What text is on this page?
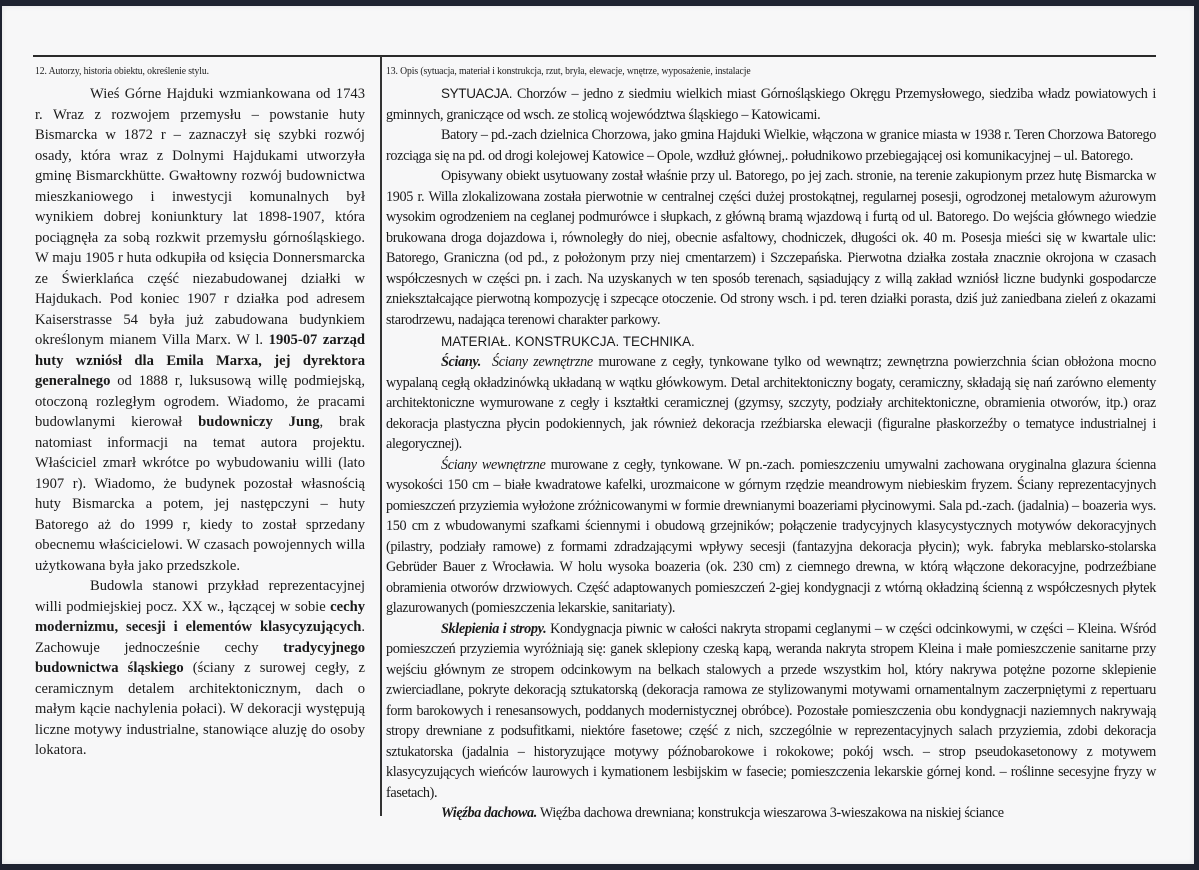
12. Autorzy, historia obiektu, określenie stylu.

Wieś Górne Hajduki wzmiankowana od 1743 r. Wraz z rozwojem przemysłu – powstanie huty Bismarcka w 1872 r – zaznaczył się szybki rozwój osady, która wraz z Dolnymi Hajdukami utworzyła gminę Bismarckhütte. Gwałtowny rozwój budownictwa mieszkaniowego i inwestycji komunalnych był wynikiem dobrej koniunktury lat 1898-1907, która pociągnęła za sobą rozkwit przemysłu górnośląskiego. W maju 1905 r huta odkupiła od księcia Donnersmarcka ze Świerklańca część niezabudowanej działki w Hajdukach. Pod koniec 1907 r działka pod adresem Kaiserstrasse 54 była już zabudowana budynkiem określonym mianem Villa Marx. W l. 1905-07 zarząd huty wzniósł dla Emila Marxa, jej dyrektora generalnego od 1888 r, luksusową willę podmiejską, otoczoną rozległym ogrodem. Wiadomo, że pracami budowlanymi kierował budowniczy Jung, brak natomiast informacji na temat autora projektu. Właściciel zmarł wkrótce po wybudowaniu willi (lato 1907 r). Wiadomo, że budynek pozostał własnością huty Bismarcka a potem, jej następczyni – huty Batorego aż do 1999 r, kiedy to został sprzedany obecnemu właścicielowi. W czasach powojennych willa użytkowana była jako przedszkole.

Budowla stanowi przykład reprezentacyjnej willi podmiejskiej pocz. XX w., łączącej w sobie cechy modernizmu, secesji i elementów klasycyzujących. Zachowuje jednocześnie cechy tradycyjnego budownictwa śląskiego (ściany z surowej cegły, z ceramicznym detalem architektonicznym, dach o małym kącie nachylenia połaci). W dekoracji występują liczne motywy industrialne, stanowiące aluzję do osoby lokatora.

13. Opis (sytuacja, materiał i konstrukcja, rzut, bryła, elewacje, wnętrze, wyposażenie, instalacje

SYTUACJA. Chorzów – jedno z siedmiu wielkich miast Górnośląskiego Okręgu Przemysłowego, siedziba władz powiatowych i gminnych, graniczące od wsch. ze stolicą województwa śląskiego – Katowicami.

Batory – pd.-zach dzielnica Chorzowa, jako gmina Hajduki Wielkie, włączona w granice miasta w 1938 r. Teren Chorzowa Batorego rozciąga się na pd. od drogi kolejowej Katowice – Opole, wzdłuż głównej,. południkowo przebiegającej osi komunikacyjnej – ul. Batorego.

Opisywany obiekt usytuowany został właśnie przy ul. Batorego, po jej zach. stronie, na terenie zakupionym przez hutę Bismarcka w 1905 r. Willa zlokalizowana została pierwotnie w centralnej części dużej prostokątnej, regularnej posesji, ogrodzonej metalowym ażurowym wysokim ogrodzeniem na ceglanej podmurówce i słupkach, z główną bramą wjazdową i furtą od ul. Batorego. Do wejścia głównego wiedzie brukowana droga dojazdowa i, równoległy do niej, obecnie asfaltowy, chodniczek, długości ok. 40 m. Posesja mieści się w kwartale ulic: Batorego, Graniczna (od pd., z położonym przy niej cmentarzem) i Szczepańska. Pierwotna działka została znacznie okrojona w czasach współczesnych w części pn. i zach. Na uzyskanych w ten sposób terenach, sąsiadujący z willą zakład wzniósł liczne budynki gospodarcze zniekształcające pierwotną kompozycję i szpecące otoczenie. Od strony wsch. i pd. teren działki porasta, dziś już zaniedbana zieleń z okazami starodrzewu, nadająca terenowi charakter parkowy.

MATERIAŁ. KONSTRUKCJA. TECHNIKA.

Ściany. Ściany zewnętrzne murowane z cegły, tynkowane tylko od wewnątrz; zewnętrzna powierzchnia ścian obłożona mocno wypalaną cegłą okładzinówką układaną w wątku główkowym. Detal architektoniczny bogaty, ceramiczny, składają się nań zarówno elementy architektoniczne wymurowane z cegły i kształtki ceramicznej (gzymsy, szczyty, podziały architektoniczne, obramienia otworów, itp.) oraz dekoracja plastyczna płycin podokiennych, jak również dekoracja rzeźbiarska elewacji (figuralne płaskorzeźby o tematyce industrialnej i alegorycznej).

Ściany wewnętrzne murowane z cegły, tynkowane. W pn.-zach. pomieszczeniu umywalni zachowana oryginalna glazura ścienna wysokości 150 cm – białe kwadratowe kafelki, urozmaicone w górnym rzędzie meandrowym niebieskim fryzem. Ściany reprezentacyjnych pomieszczeń przyziemia wyłożone zróżnicowanymi w formie drewnianymi boazeriami płycinowymi. Sala pd.-zach. (jadalnia) – boazeria wys. 150 cm z wbudowanymi szafkami ściennymi i obudową grzejników; połączenie tradycyjnych klasycystycznych motywów dekoracyjnych (pilastry, podziały ramowe) z formami zdradzającymi wpływy secesji (fantazyjna dekoracja płycin); wyk. fabryka meblarsko-stolarska Gebrüder Bauer z Wrocławia. W holu wysoka boazeria (ok. 230 cm) z ciemnego drewna, w którą włączone dekoracyjne, podrzeźbiane obramienia otworów drzwiowych. Część adaptowanych pomieszczeń 2-giej kondygnacji z wtórną okładziną ścienną z współczesnych płytek glazurowanych (pomieszczenia lekarskie, sanitariaty).

Sklepienia i stropy. Kondygnacja piwnic w całości nakryta stropami ceglanymi – w części odcinkowymi, w części – Kleina. Wśród pomieszczeń przyziemia wyróżniają się: ganek sklepiony czeską kapą, weranda nakryta stropem Kleina i małe pomieszczenie sanitarne przy wejściu głównym ze stropem odcinkowym na belkach stalowych a przede wszystkim hol, który nakrywa potężne pozorne sklepienie zwierciadlane, pokryte dekoracją sztukatorską (dekoracja ramowa ze stylizowanymi motywami ornamentalnym zaczerpniętymi z repertuaru form barokowych i renesansowych, poddanych modernistycznej obróbce). Pozostałe pomieszczenia obu kondygnacji naziemnych nakrywają stropy drewniane z podsufitkami, niektóre fasetowe; część z nich, szczególnie w reprezentacyjnych salach przyziemia, zdobi dekoracja sztukatorska (jadalnia – historyzujące motywy późnobarokowe i rokokowe; pokój wsch. – strop pseudokasetonowy z motywem klasycyzujących wieńców laurowych i kymationem lesbijskim w fasecie; pomieszczenia lekarskie górnej kond. – roślinne secesyjne fryzy w fasetach).

Więźba dachowa. Więźba dachowa drewniana; konstrukcja wieszarowa 3-wieszakowa na niskiej ściance
